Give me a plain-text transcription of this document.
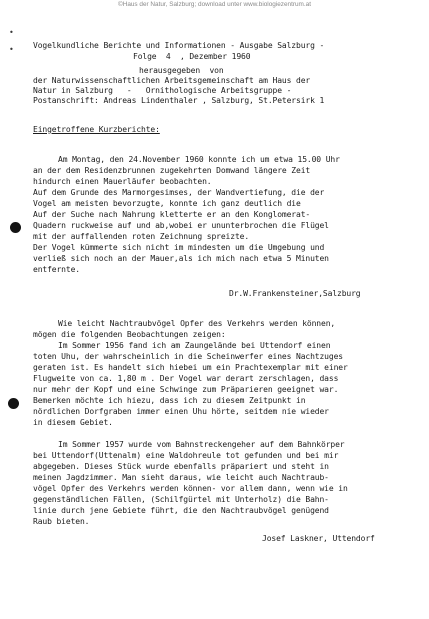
©Haus der Natur, Salzburg; download unter www.biologiezentrum.at
•
• Vogelkundliche Berichte und Informationen - Ausgabe Salzburg -
Folge  4  , Dezember 1960
herausgegeben  von
der Naturwissenschaftlichen Arbeitsgemeinschaft am Haus der
Natur in Salzburg   -   Ornithologische Arbeitsgruppe -
Postanschrift: Andreas Lindenthaler , Salzburg, St.Petersirk 1
Eingetroffene Kurzberichte:
Am Montag, den 24.November 1960 konnte ich um etwa 15.00 Uhr
an der dem Residenzbrunnen zugekehrten Domwand längere Zeit
hindurch einen Mauerläufer beobachten.
Auf dem Grunde des Marmorgesimses, der Wandvertiefung, die der
Vogel am meisten bevorzugte, konnte ich ganz deutlich die
Auf der Suche nach Nahrung kletterte er an den Konglomerat-
Quadern ruckweise auf und ab,wobei er ununterbrochen die Flügel
mit der auffallenden roten Zeichnung spreizte.
Der Vogel kümmerte sich nicht im mindesten um die Umgebung und
verließ sich noch an der Mauer,als ich mich nach etwa 5 Minuten
entfernte.
Dr.W.Frankensteiner,Salzburg
Wie leicht Nachtraubvögel Opfer des Verkehrs werden können,
mögen die folgenden Beobachtungen zeigen:
Im Sommer 1956 fand ich am Zaungelände bei Uttendorf einen
toten Uhu, der wahrscheinlich in die Scheinwerfer eines Nachtzuges
geraten ist. Es handelt sich hiebei um ein Prachtexemplar mit einer
Flugweite von ca. 1,80 m . Der Vogel war derart zerschlagen, dass
nur mehr der Kopf und eine Schwinge zum Präparieren geeignet war.
Bemerken möchte ich hiezu, dass ich zu diesem Zeitpunkt in
nördlichen Dorfgraben immer einen Uhu hörte, seitdem nie wieder
in diesem Gebiet.
Im Sommer 1957 wurde vom Bahnstreckengeher auf dem Bahnkörper
bei Uttendorf(Uttenalm) eine Waldohreule tot gefunden und bei mir
abgegeben. Dieses Stück wurde ebenfalls präpariert und steht in
meinen Jagdzimmer. Man sieht daraus, wie leicht auch Nachtraub-
vögel Opfer des Verkehrs werden können- vor allem dann, wenn wie in
gegenständlichen Fällen, (Schilfgürtel mit Unterholz) die Bahn-
linie durch jene Gebiete führt, die den Nachtraubvögel genügend
Raub bieten.
Josef Laskner, Uttendorf
